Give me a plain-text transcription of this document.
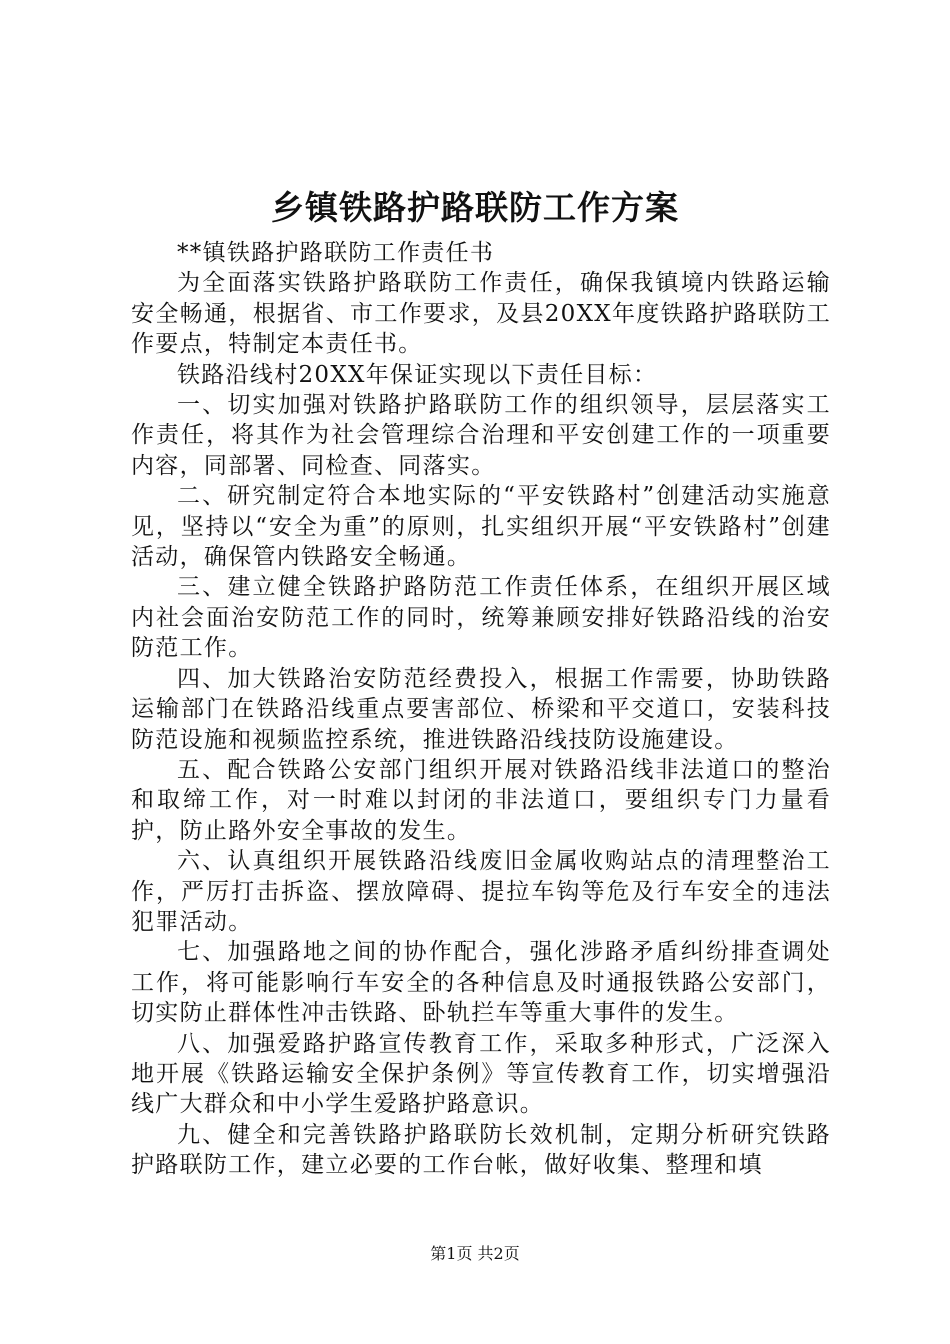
乡镇铁路护路联防工作方案

**镇铁路护路联防工作责任书

为全面落实铁路护路联防工作责任，确保我镇境内铁路运输安全畅通，根据省、市工作要求，及县20XX年度铁路护路联防工作要点，特制定本责任书。

铁路沿线村20XX年保证实现以下责任目标：

一、切实加强对铁路护路联防工作的组织领导，层层落实工作责任，将其作为社会管理综合治理和平安创建工作的一项重要内容，同部署、同检查、同落实。

二、研究制定符合本地实际的“平安铁路村”创建活动实施意见，坚持以“安全为重”的原则，扎实组织开展“平安铁路村”创建活动，确保管内铁路安全畅通。

三、建立健全铁路护路防范工作责任体系，在组织开展区域内社会面治安防范工作的同时，统筹兼顾安排好铁路沿线的治安防范工作。

四、加大铁路治安防范经费投入，根据工作需要，协助铁路运输部门在铁路沿线重点要害部位、桥梁和平交道口，安装科技防范设施和视频监控系统，推进铁路沿线技防设施建设。

五、配合铁路公安部门组织开展对铁路沿线非法道口的整治和取缔工作，对一时难以封闭的非法道口，要组织专门力量看护，防止路外安全事故的发生。

六、认真组织开展铁路沿线废旧金属收购站点的清理整治工作，严厉打击拆盗、摆放障碍、提拉车钩等危及行车安全的违法犯罪活动。

七、加强路地之间的协作配合，强化涉路矛盾纠纷排查调处工作，将可能影响行车安全的各种信息及时通报铁路公安部门，切实防止群体性冲击铁路、卧轨拦车等重大事件的发生。

八、加强爱路护路宣传教育工作，采取多种形式，广泛深入地开展《铁路运输安全保护条例》等宣传教育工作，切实增强沿线广大群众和中小学生爱路护路意识。

九、健全和完善铁路护路联防长效机制，定期分析研究铁路护路联防工作，建立必要的工作台帐，做好收集、整理和填

第1页 共2页
